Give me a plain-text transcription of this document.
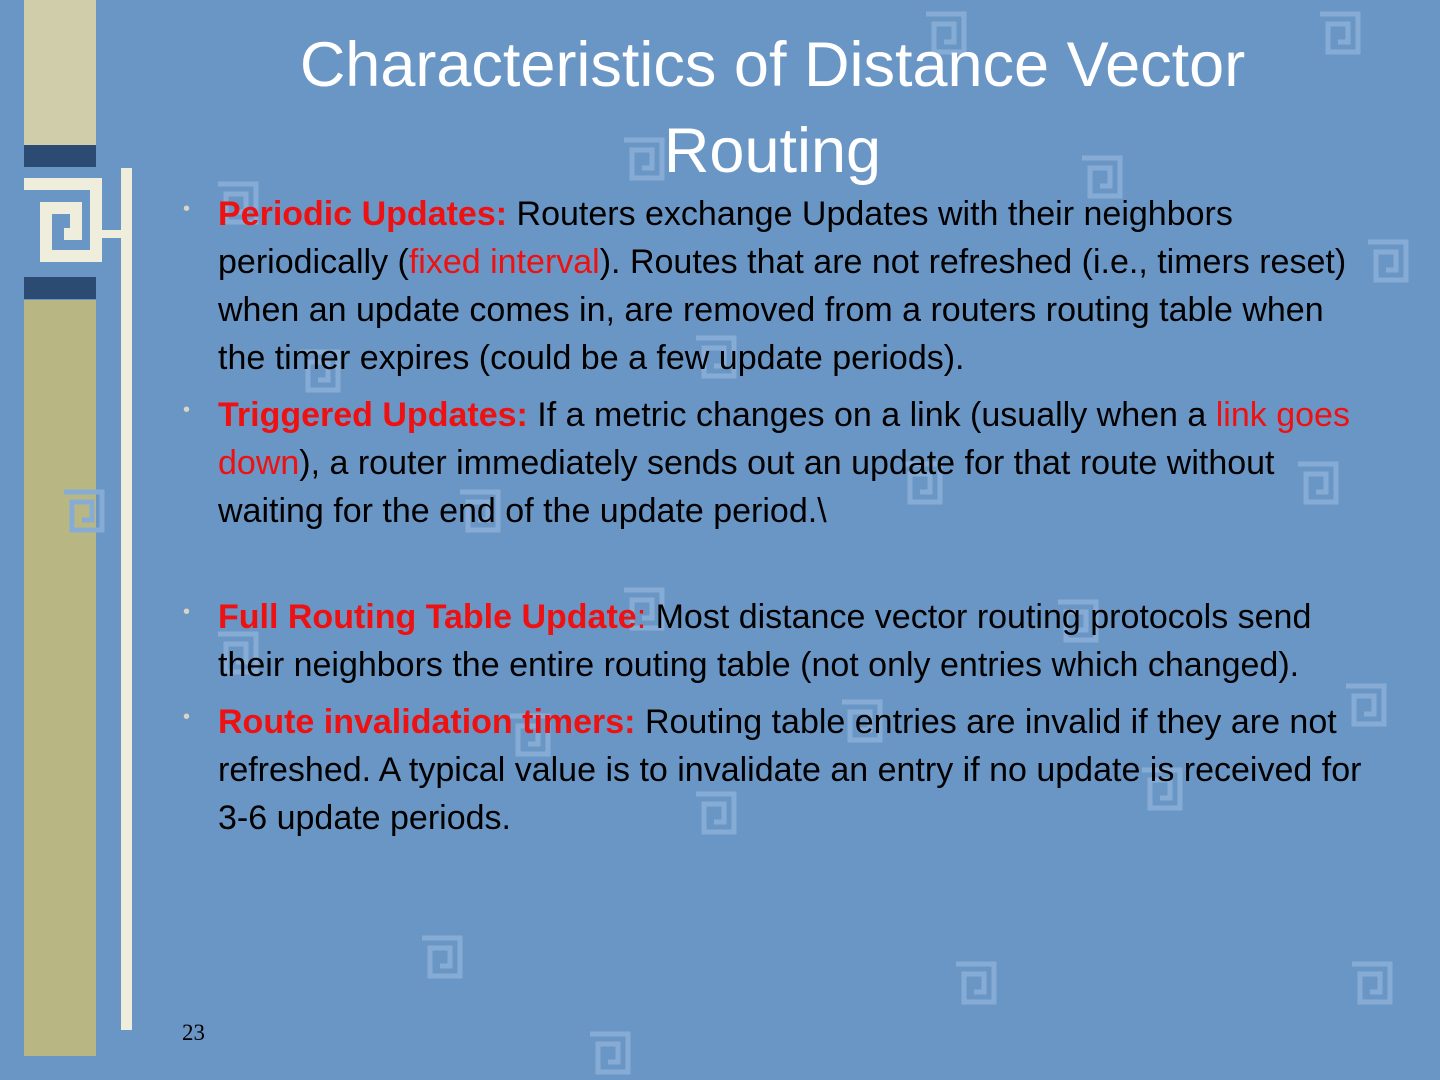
Characteristics of Distance Vector Routing
• Periodic Updates: Routers exchange Updates with their neighbors periodically (fixed interval). Routes that are not refreshed (i.e., timers reset) when an update comes in, are removed from a routers routing table when the timer expires (could be a few update periods).
• Triggered Updates: If a metric changes on a link (usually when a link goes down), a router immediately sends out an update for that route without waiting for the end of the update period.\
• Full Routing Table Update: Most distance vector routing protocols send their neighbors the entire routing table (not only entries which changed).
• Route invalidation timers: Routing table entries are invalid if they are not refreshed. A typical value is to invalidate an entry if no update is received for 3-6 update periods.
23
